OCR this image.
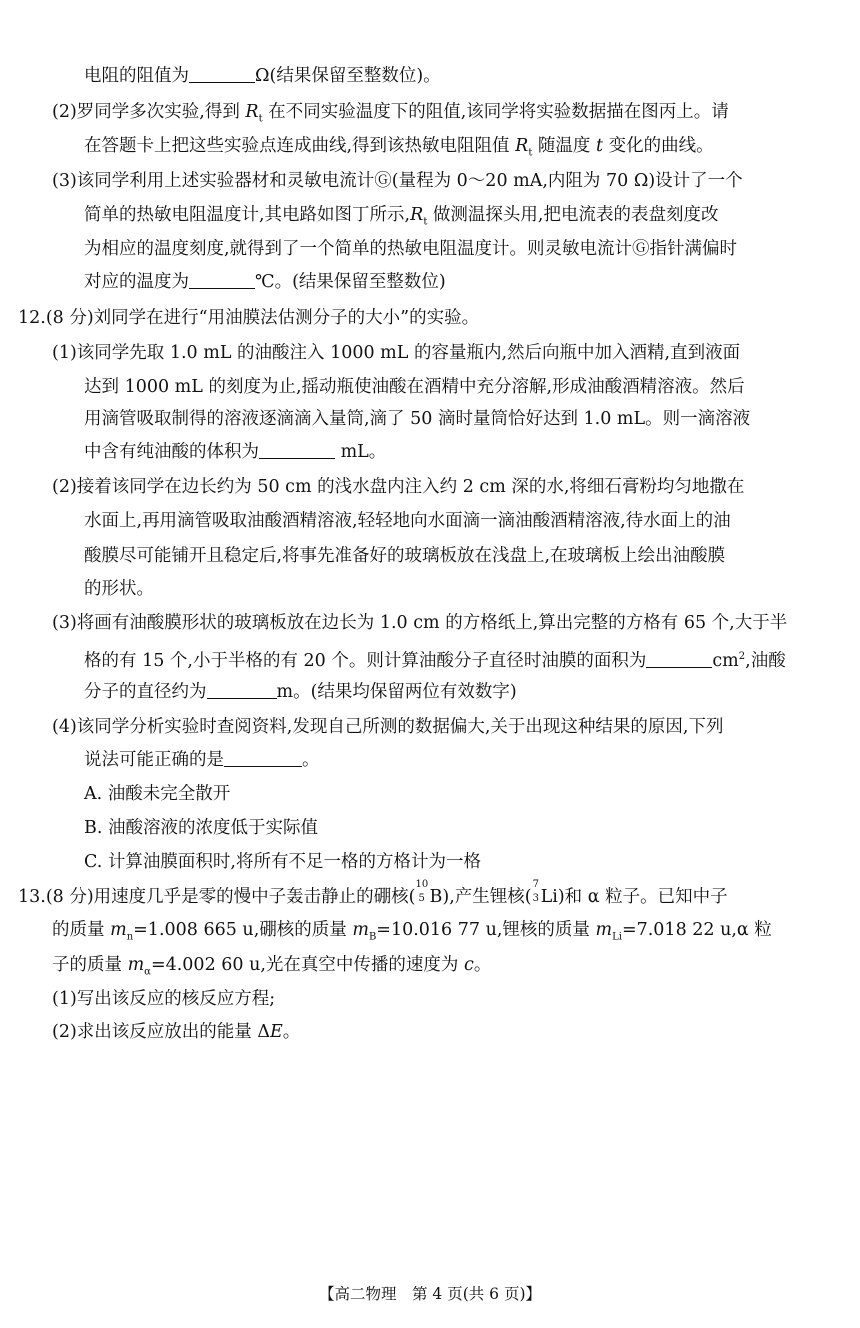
电阻的阻值为	Ω(结果保留至整数位)。
(2)罗同学多次实验,得到 $R_t$ 在不同实验温度下的阻值,该同学将实验数据描在图丙上。请
在答题卡上把这些实验点连成曲线,得到该热敏电阻阻值 $R_t$ 随温度 t 变化的曲线。
(3)该同学利用上述实验器材和灵敏电流计Ⓖ(量程为 0～20 mA,内阻为 70 Ω)设计了一个
简单的热敏电阻温度计,其电路如图丁所示$,R_t$ 做测温探头用,把电流表的表盘刻度改
为相应的温度刻度,就得到了一个简单的热敏电阻温度计。则灵敏电流计Ⓖ指针满偏时
对应的温度为	℃。(结果保留至整数位)
12.(8 分)刘同学在进行“用油膜法估测分子的大小”的实验。
(1)该同学先取 1.0 mL 的油酸注入 1000 mL 的容量瓶内,然后向瓶中加入酒精,直到液面
达到 1000 mL 的刻度为止,摇动瓶使油酸在酒精中充分溶解,形成油酸酒精溶液。然后
用滴管吸取制得的溶液逐滴滴入量筒,滴了 50 滴时量筒恰好达到 1.0 mL。则一滴溶液
中含有纯油酸的体积为	mL。
(2)接着该同学在边长约为 50 cm 的浅水盘内注入约 2 cm 深的水,将细石膏粉均匀地撒在
水面上,再用滴管吸取油酸酒精溶液,轻轻地向水面滴一滴油酸酒精溶液,待水面上的油
酸膜尽可能铺开且稳定后,将事先准备好的玻璃板放在浅盘上,在玻璃板上绘出油酸膜
的形状。
(3)将画有油酸膜形状的玻璃板放在边长为 1.0 cm 的方格纸上,算出完整的方格有 65 个,大于半
格的有 15 个,小于半格的有 20 个。则计算油酸分子直径时油膜的面积为	$cm^2$,油酸
分子的直径约为	m。(结果均保留两位有效数字)
(4)该同学分析实验时查阅资料,发现自己所测的数据偏大,关于出现这种结果的原因,下列
说法可能正确的是	。
A. 油酸未完全散开
B. 油酸溶液的浓度低于实际值
C. 计算油膜面积时,将所有不足一格的方格计为一格
13.(8 分)用速度几乎是零的慢中子轰击静止的硼核(
10
5 B),产生锂核(
7
3 Li)和 α 粒子。已知中子
的质量 $m_n=1.008$ 665 u,硼核的质量 $m_B=10.016$ 77 u,锂核的质量 $m_{Li}=7.018$ 22 u,α 粒
子的质量 $m_\alpha=4.002$ 60 u,光在真空中传播的速度为 c。
(1)写出该反应的核反应方程;
(2)求出该反应放出的能量 ΔE。
【高二物理　第 4 页(共 6 页)】
